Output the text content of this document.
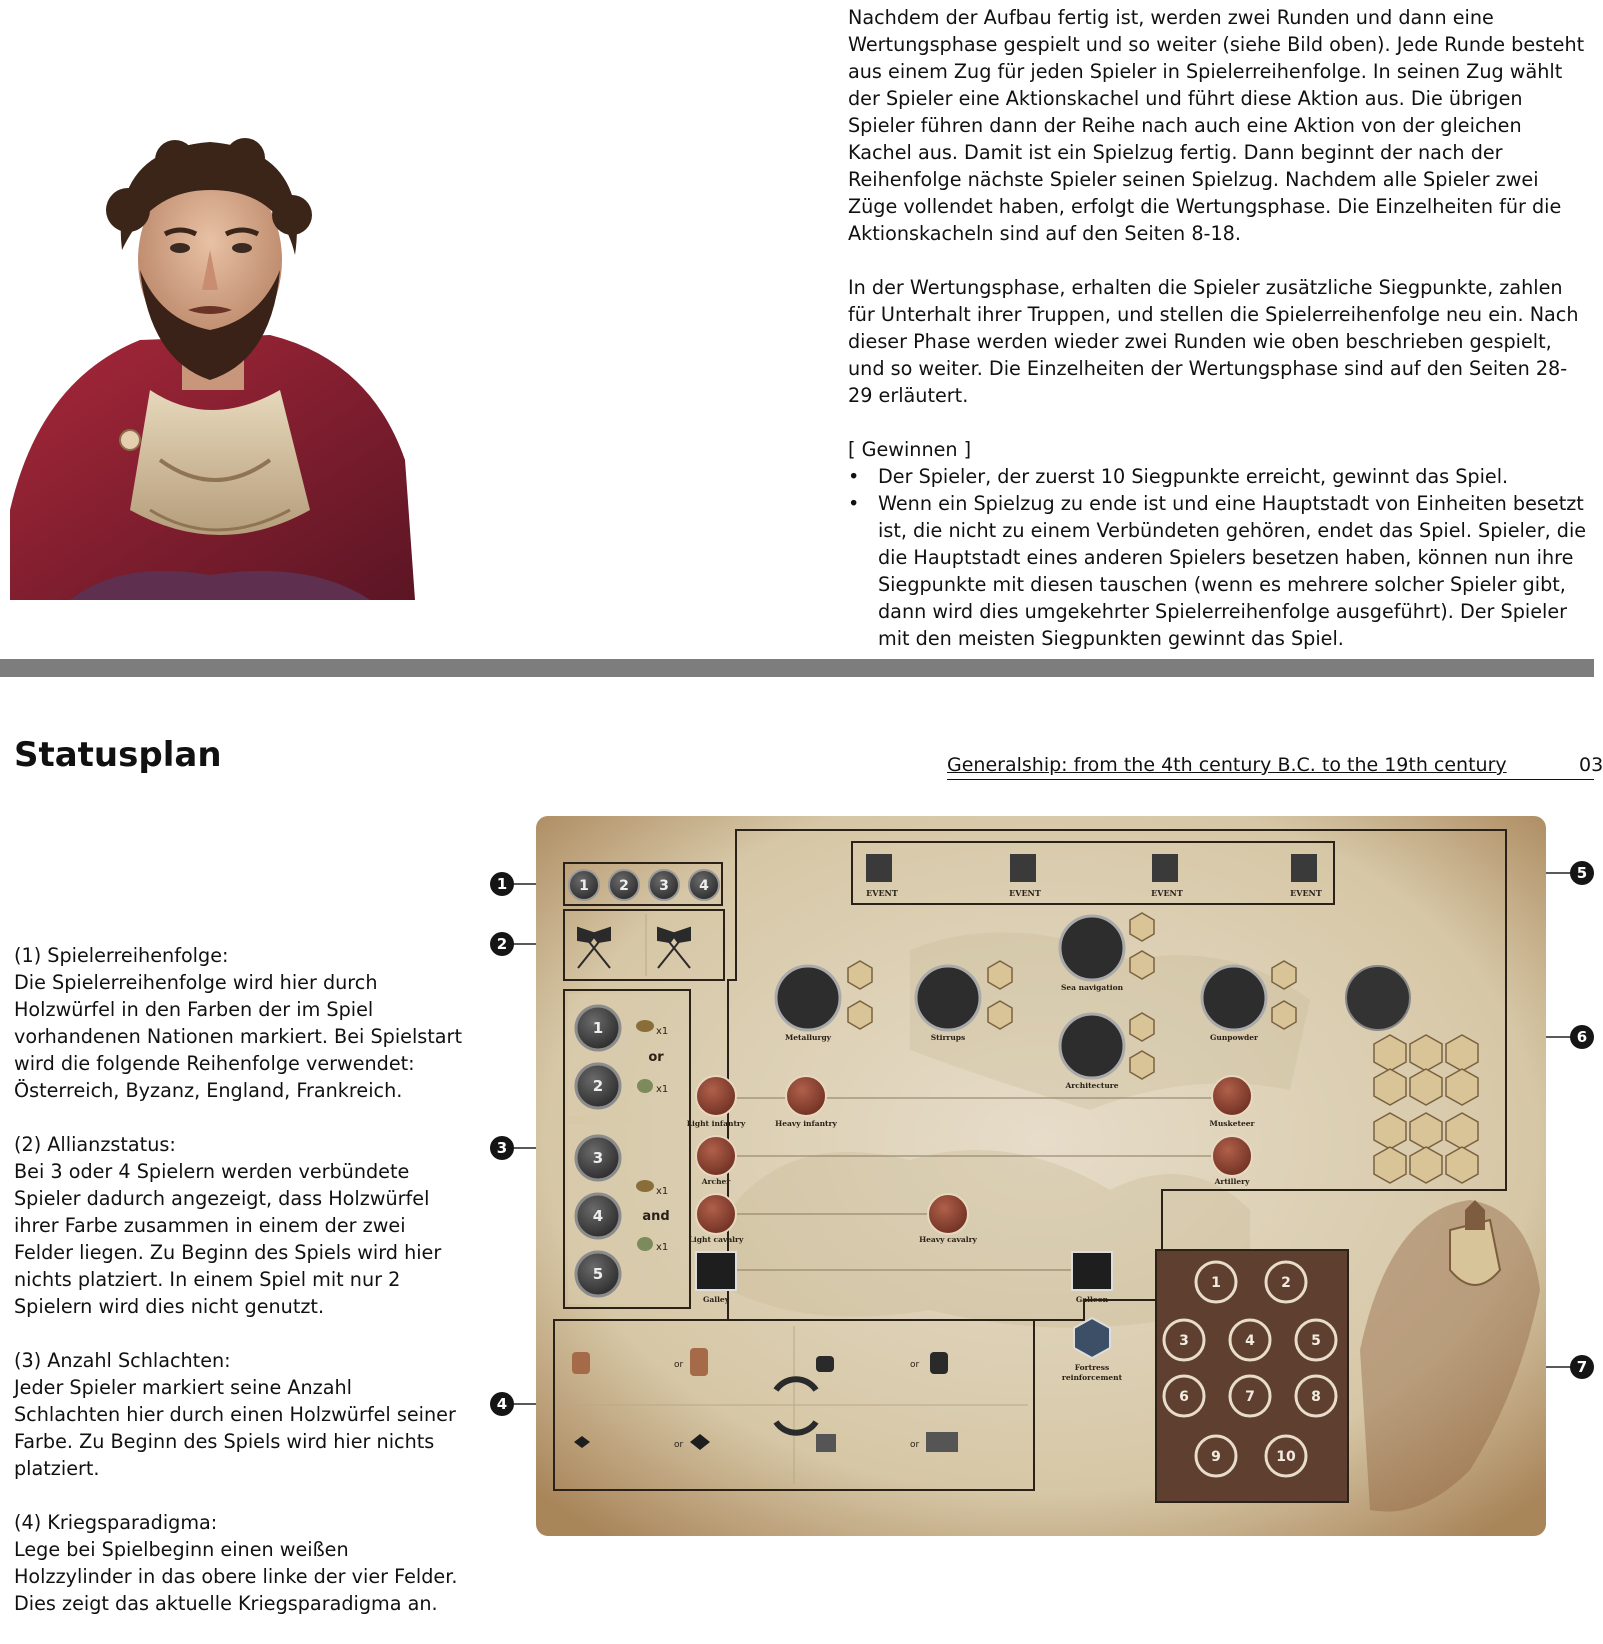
Nachdem der Aufbau fertig ist, werden zwei Runden und dann eine Wertungsphase gespielt und so weiter (siehe Bild oben). Jede Runde besteht aus einem Zug für jeden Spieler in Spielerreihenfolge. In seinen Zug wählt der Spieler eine Aktionskachel und führt diese Aktion aus. Die übrigen Spieler führen dann der Reihe nach auch eine Aktion von der gleichen Kachel aus. Damit ist ein Spielzug fertig. Dann beginnt der nach der Reihenfolge nächste Spieler seinen Spielzug. Nachdem alle Spieler zwei Züge vollendet haben, erfolgt die Wertungsphase. Die Einzelheiten für die Aktionskacheln sind auf den Seiten 8-18.

In der Wertungsphase, erhalten die Spieler zusätzliche Siegpunkte, zahlen für Unterhalt ihrer Truppen, und stellen die Spielerreihenfolge neu ein. Nach dieser Phase werden wieder zwei Runden wie oben beschrieben gespielt, und so weiter. Die Einzelheiten der Wertungsphase sind auf den Seiten 28-29 erläutert.

[ Gewinnen ]

• Der Spieler, der zuerst 10 Siegpunkte erreicht, gewinnt das Spiel.
• Wenn ein Spielzug zu ende ist und eine Hauptstadt von Einheiten besetzt ist, die nicht zu einem Verbündeten gehören, endet das Spiel. Spieler, die die Hauptstadt eines anderen Spielers besetzen haben, können nun ihre Siegpunkte mit diesen tauschen (wenn es mehrere solcher Spieler gibt, dann wird dies umgekehrter Spielerreihenfolge ausgeführt). Der Spieler mit den meisten Siegpunkten gewinnt das Spiel.
Statusplan	Generalship: from the 4th century B.C. to the 19th century	03
(1) Spielerreihenfolge:

Die Spielerreihenfolge wird hier durch Holzwürfel in den Farben der im Spiel vorhandenen Nationen markiert. Bei Spielstart wird die folgende Reihenfolge verwendet: Österreich, Byzanz, England, Frankreich.

(2) Allianzstatus:

Bei 3 oder 4 Spielern werden verbündete Spieler dadurch angezeigt, dass Holzwürfel ihrer Farbe zusammen in einem der zwei Felder liegen. Zu Beginn des Spiels wird hier nichts platziert. In einem Spiel mit nur 2 Spielern wird dies nicht genutzt.

(3) Anzahl Schlachten:

Jeder Spieler markiert seine Anzahl Schlachten hier durch einen Holzwürfel seiner Farbe. Zu Beginn des Spiels wird hier nichts platziert.

(4) Kriegsparadigma:

Lege bei Spielbeginn einen weißen Holzzylinder in das obere linke der vier Felder. Dies zeigt das aktuelle Kriegsparadigma an.

1
2
3
4
5
6
7
1 2 3 4
1
2
3
4
5
x1
or
x1
x1
and
x1
EVENT	EVENT	EVENT	EVENT
Metallurgy	Stirrups
Sea navigation
Architecture
Gunpowder
Light infantry	Heavy infantry	Musketeer
Archer	Artillery
Light cavalry	Heavy cavalry
Galley	Galleon
Fortress
reinforcement
or	or
or	or
1	2
3	4	5
6	7	8
9	10
